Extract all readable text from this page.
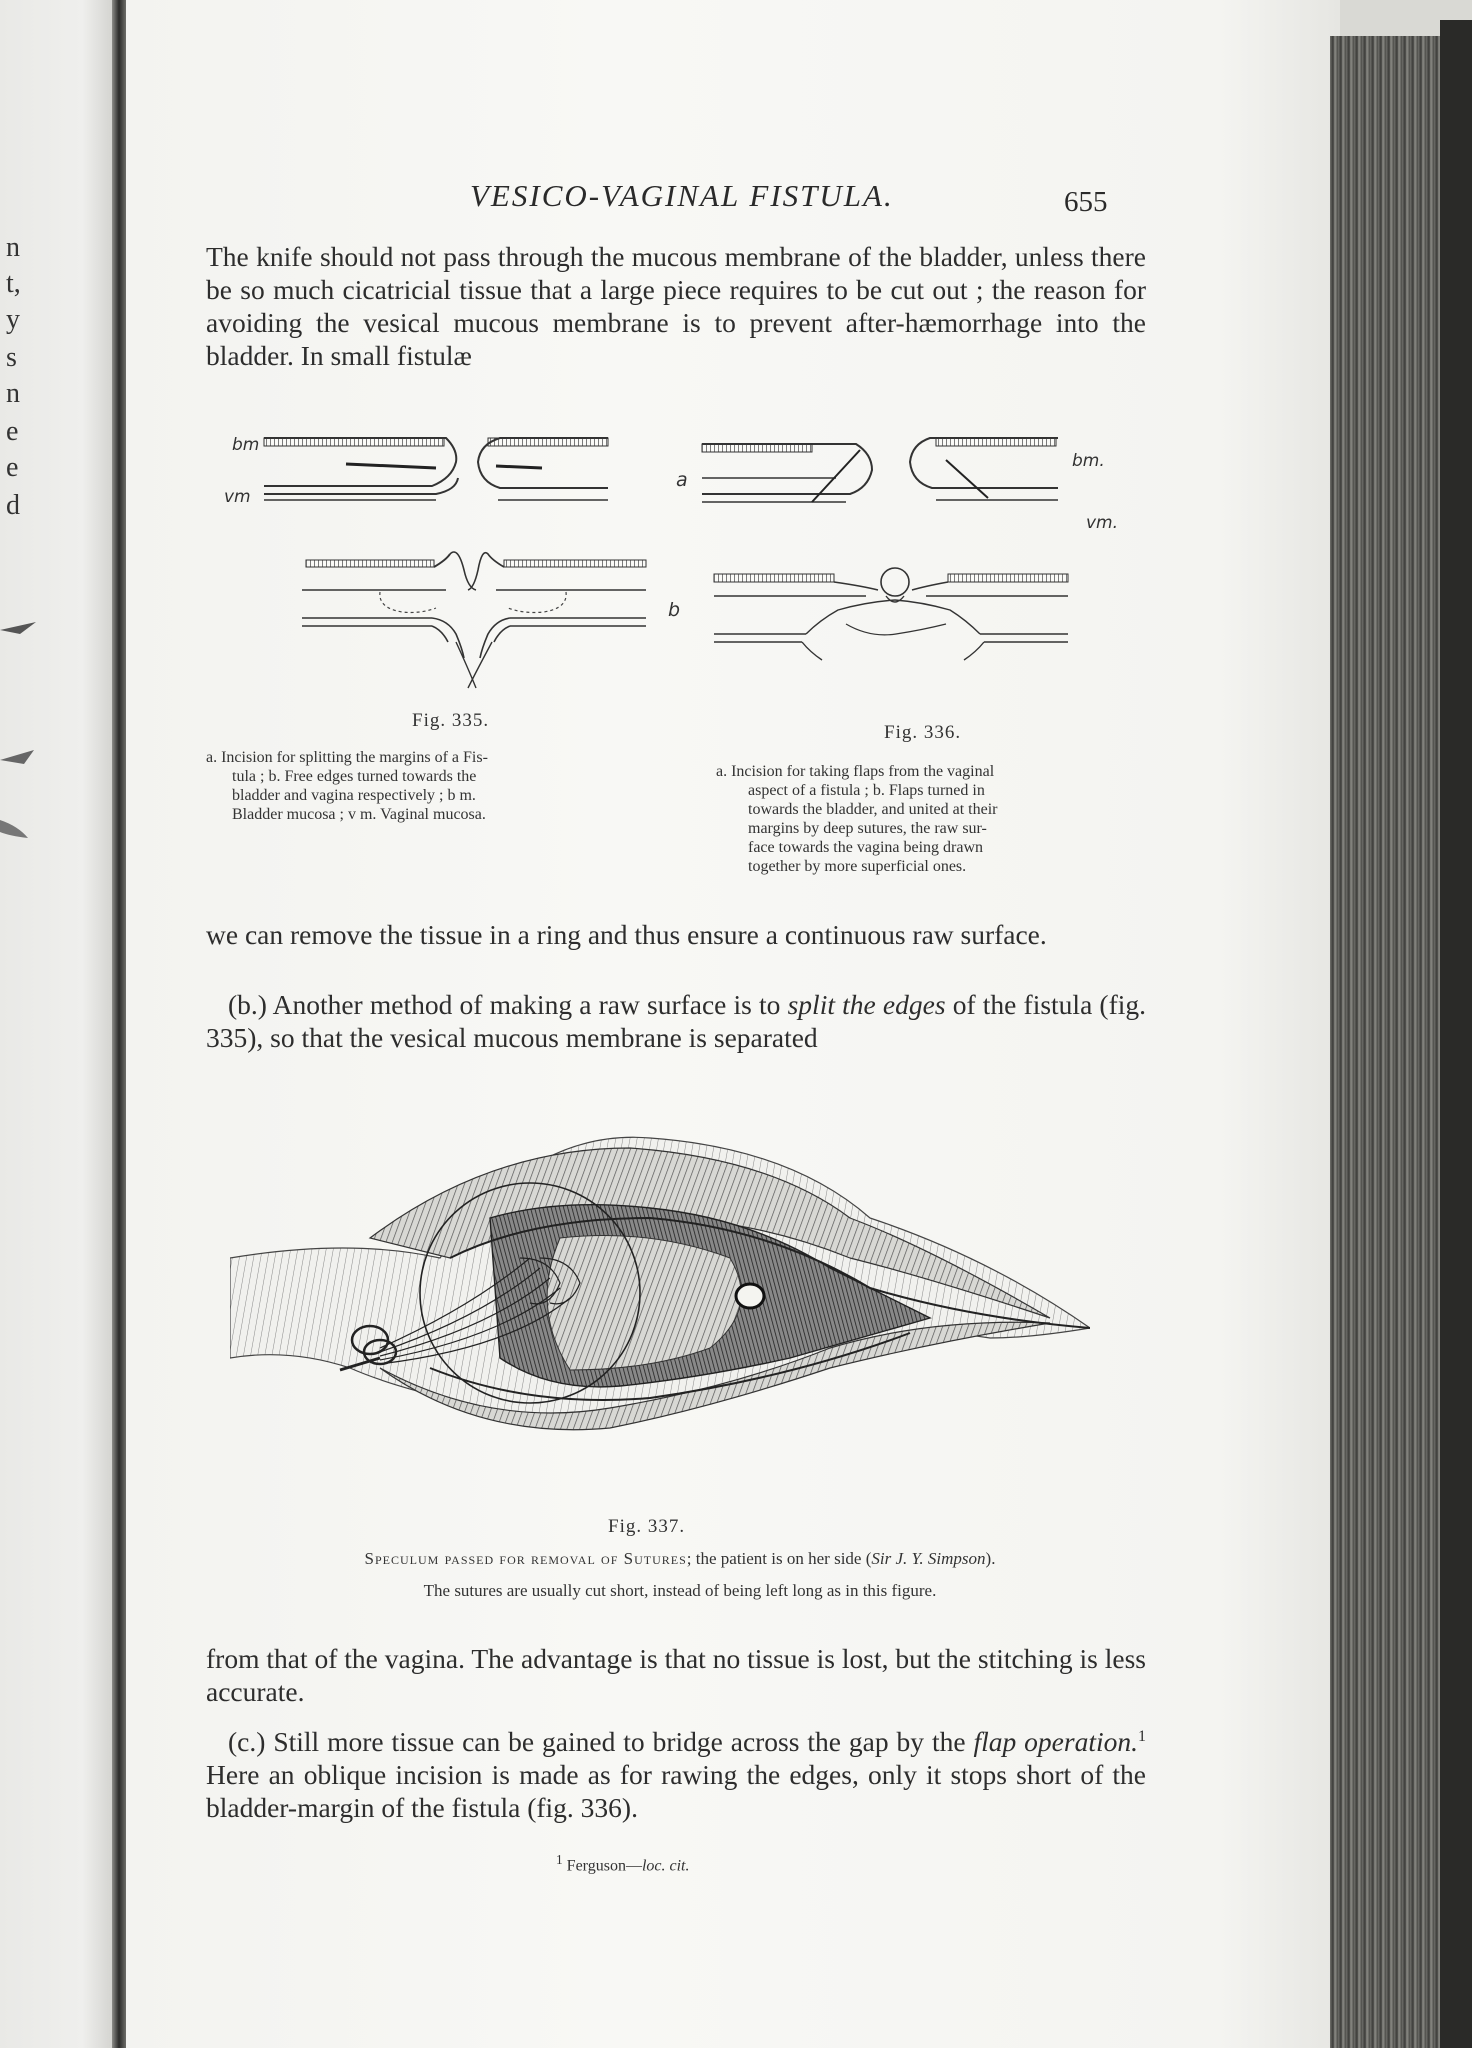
n
t,
y
s
n
e
e
d
VESICO-VAGINAL FISTULA.	655

The knife should not pass through the mucous membrane of the bladder, unless there be so much cicatricial tissue that a large piece requires to be cut out ; the reason for avoiding the vesical mucous membrane is to prevent after-hæmorrhage into the bladder. In small fistulæ

bm
vm
a
b
bm.
vm.
Fig. 335.
Fig. 336.
a. Incision for splitting the margins of a Fis-
tula ; b. Free edges turned towards the
bladder and vagina respectively ; b m.
Bladder mucosa ; v m. Vaginal mucosa.
a. Incision for taking flaps from the vaginal
aspect of a fistula ; b. Flaps turned in
towards the bladder, and united at their
margins by deep sutures, the raw sur-
face towards the vagina being drawn
together by more superficial ones.

we can remove the tissue in a ring and thus ensure a continuous raw surface.

(b.) Another method of making a raw surface is to split the edges of the fistula (fig. 335), so that the vesical mucous membrane is separated

Fig. 337.
Speculum passed for removal of Sutures; the patient is on her side (Sir J. Y. Simpson).
The sutures are usually cut short, instead of being left long as in this figure.

from that of the vagina. The advantage is that no tissue is lost, but the stitching is less accurate.

(c.) Still more tissue can be gained to bridge across the gap by the flap operation.$^1$ Here an oblique incision is made as for rawing the edges, only it stops short of the bladder-margin of the fistula (fig. 336).

$^1$ Ferguson—loc. cit.
